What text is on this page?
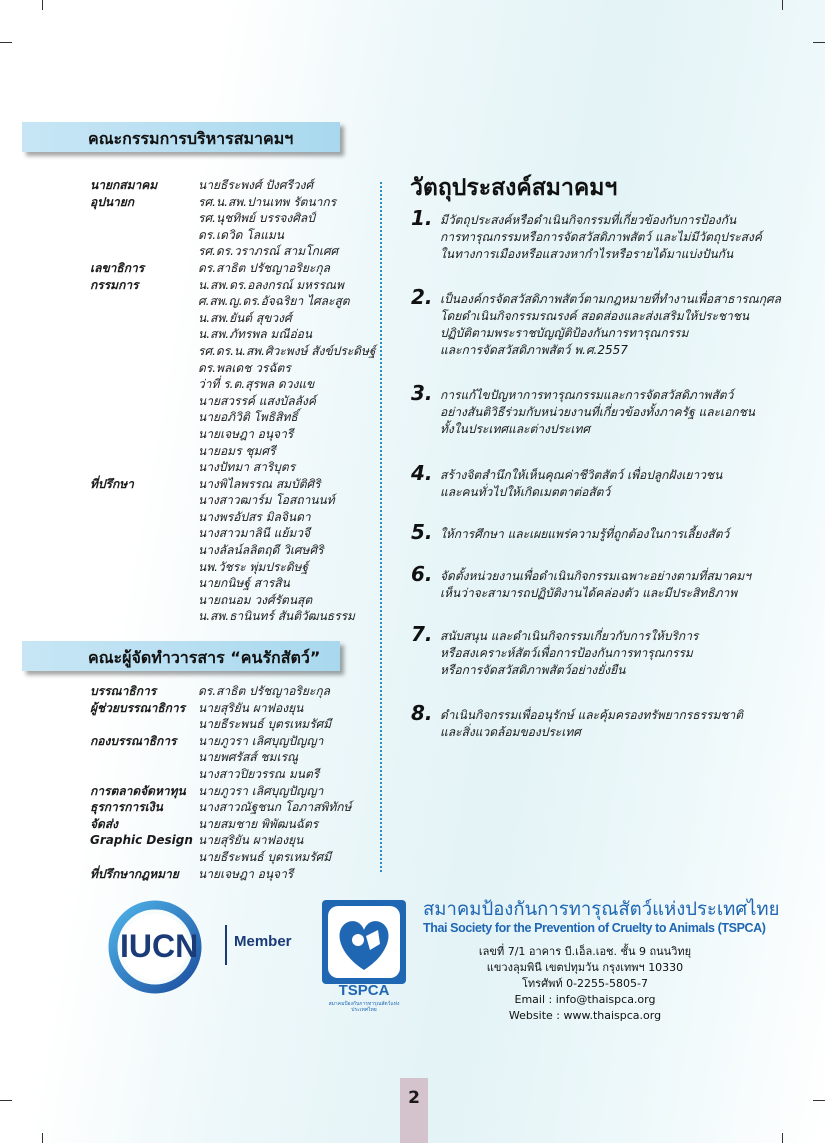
คณะกรรมการบริหารสมาคมฯ
นายกสมาคม	นายธีระพงศ์ ปังศรีวงศ์
อุปนายก	รศ.น.สพ.ปานเทพ รัตนากร
รศ.นุชทิพย์ บรรจงศิลป์
ดร.เดวิด โลแมน
รศ.ดร.วราภรณ์ สามโกเศศ
เลขาธิการ	ดร.สาธิต ปรัชญาอริยะกุล
กรรมการ	น.สพ.ดร.อลงกรณ์ มหรรณพ
ศ.สพ.ญ.ดร.อัจฉริยา ไศละสูต
น.สพ.ยันต์ สุขวงศ์
น.สพ.ภัทรพล มณีอ่อน
รศ.ดร.น.สพ.ศิวะพงษ์ สังข์ประดิษฐ์
ดร.พลเดช วรฉัตร
ว่าที่ ร.ต.สุรพล ดวงแข
นายสวรรค์ แสงบัลลังค์
นายอภิวิติ โพธิสิทธิ์
นายเจษฎา อนุจารี
นายอมร ชุมศรี
นางปัทมา สาริบุตร
ที่ปรึกษา	นางพิไลพรรณ สมบัติศิริ
นางสาวฒาร์ม โอสถานนท์
นางพรอัปสร มิลจินดา
นางสาวมาลินี แย้มวจี
นางลัลน์ลลิตฤดี วิเศษศิริ
นพ.วัชระ พุ่มประดิษฐ์
นายกนิษฐ์ สารสิน
นายถนอม วงศ์รัตนสุต
น.สพ.ธานินทร์ สันติวัฒนธรรม
คณะผู้จัดทำวารสาร “คนรักสัตว์”
บรรณาธิการ	ดร.สาธิต ปรัชญาอริยะกุล
ผู้ช่วยบรรณาธิการ นายสุริยัน ผาฟองยุน
นายธีระพนธ์ บุตรเหมรัศมี
กองบรรณาธิการ นายภูวรา เลิศบุญปัญญา
นายพศรัสส์ ชมเรณู
นางสาวปิยวรรณ มนตรี
การตลาดจัดหาทุน นายภูวรา เลิศบุญปัญญา
ธุรการการเงิน	นางสาวณัฐชนก โอภาสพิทักษ์
จัดส่ง	นายสมชาย พิพัฒนฉัตร
Graphic Design นายสุริยัน ผาฟองยุน
นายธีระพนธ์ บุตรเหมรัศมี
ที่ปรึกษากฎหมาย นายเจษฎา อนุจารี
วัตถุประสงค์สมาคมฯ
1. มีวัตถุประสงค์หรือดำเนินกิจกรรมที่เกี่ยวข้องกับการป้องกัน
การทารุณกรรมหรือการจัดสวัสดิภาพสัตว์ และไม่มีวัตถุประสงค์
ในทางการเมืองหรือแสวงหากำไรหรือรายได้มาแบ่งปันกัน
2. เป็นองค์กรจัดสวัสดิภาพสัตว์ตามกฎหมายที่ทำงานเพื่อสาธารณกุศล
โดยดำเนินกิจกรรมรณรงค์ สอดส่องและส่งเสริมให้ประชาชน
ปฏิบัติตามพระราชบัญญัติป้องกันการทารุณกรรม
และการจัดสวัสดิภาพสัตว์ พ.ศ.2557
3. การแก้ไขปัญหาการทารุณกรรมและการจัดสวัสดิภาพสัตว์
อย่างสันติวิธีร่วมกับหน่วยงานที่เกี่ยวข้องทั้งภาครัฐ และเอกชน
ทั้งในประเทศและต่างประเทศ
4. สร้างจิตสำนึกให้เห็นคุณค่าชีวิตสัตว์ เพื่อปลูกฝังเยาวชน
และคนทั่วไปให้เกิดเมตตาต่อสัตว์
5. ให้การศึกษา และเผยแพร่ความรู้ที่ถูกต้องในการเลี้ยงสัตว์
6. จัดตั้งหน่วยงานเพื่อดำเนินกิจกรรมเฉพาะอย่างตามที่สมาคมฯ
เห็นว่าจะสามารถปฏิบัติงานได้คล่องตัว และมีประสิทธิภาพ
7. สนับสนุน และดำเนินกิจกรรมเกี่ยวกับการให้บริการ
หรือสงเคราะห์สัตว์เพื่อการป้องกันการทารุณกรรม
หรือการจัดสวัสดิภาพสัตว์อย่างยั่งยืน
8. ดำเนินกิจกรรมเพื่ออนุรักษ์ และคุ้มครองทรัพยากรธรรมชาติ
และสิ่งแวดล้อมของประเทศ
IUCN Member
TSPCA
สมาคมป้องกันการทารุณสัตว์แห่งประเทศไทย
สมาคมป้องกันการทารุณสัตว์แห่งประเทศไทย
Thai Society for the Prevention of Cruelty to Animals (TSPCA)
เลขที่ 7/1 อาคาร บี.เอ็ล.เอช. ชั้น 9 ถนนวิทยุ
แขวงลุมพินี เขตปทุมวัน กรุงเทพฯ 10330
โทรศัพท์ 0-2255-5805-7
Email : info@thaispca.org
Website : www.thaispca.org
2
